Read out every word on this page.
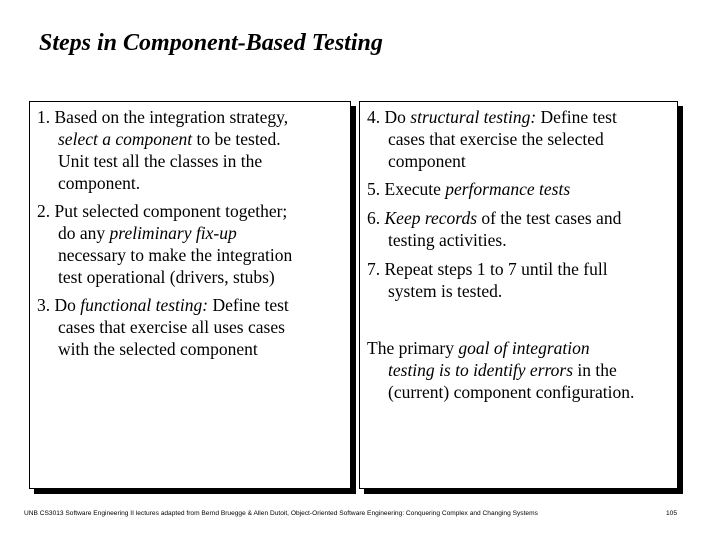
Steps in Component-Based Testing

1. Based on the integration strategy,

select a component to be tested.

Unit test all the classes in the

component.

2. Put selected component together;

do any preliminary fix-up

necessary to make the integration

test operational (drivers, stubs)

3. Do functional testing: Define test

cases that exercise all uses cases

with the selected component

4. Do structural testing: Define test

cases that exercise the selected

component

5. Execute performance tests

6. Keep records of the test cases and

testing activities.

7. Repeat steps 1 to 7 until the full

system is tested.

The primary goal of integration

testing is to identify errors in the

(current) component configuration.

UNB CS3013 Software Engineering II lectures adapted from Bernd Bruegge & Allen Dutoit, Object-Oriented Software Engineering: Conquering Complex and Changing Systems	105
